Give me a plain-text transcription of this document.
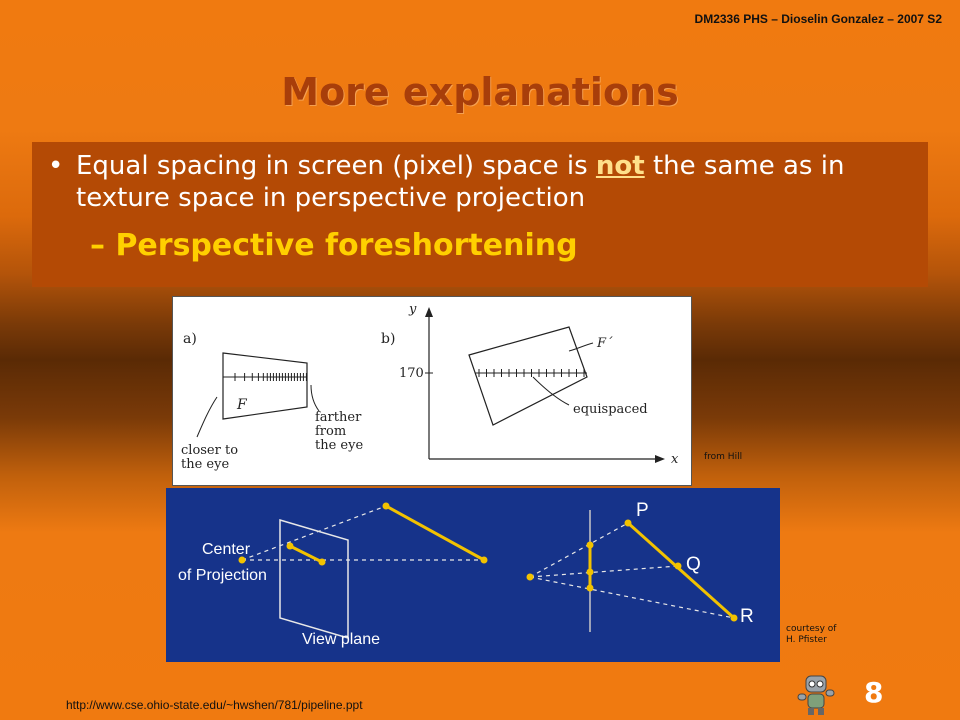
DM2336 PHS – Dioselin Gonzalez – 2007 S2
More explanations
• Equal spacing in screen (pixel) space is not the same as in texture space in perspective projection
– Perspective foreshortening
a)	b)
F
closer to
the eye
farther
from
the eye
y
x
170
F´
equispaced
from Hill
Center
of Projection
View plane
P
Q
R
courtesy of
H. Pfister
http://www.cse.ohio-state.edu/~hwshen/781/pipeline.ppt	8
